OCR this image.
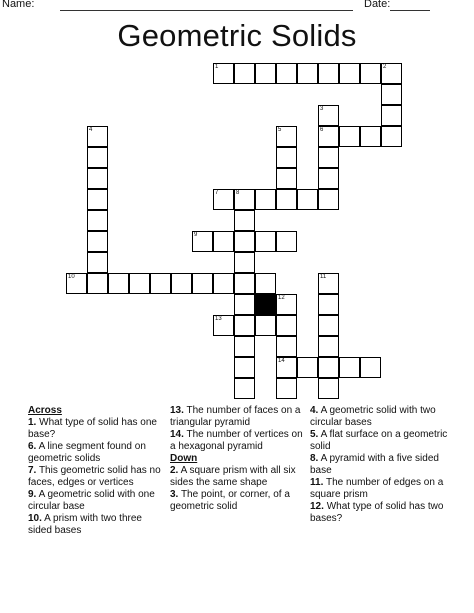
Name:	Date:
Geometric Solids
1	2
3
4	5	6
7	8
9
10	11
12
13
14
Across
1. What type of solid has one base?
6. A line segment found on geometric solids
7. This geometric solid has no faces, edges or vertices
9. A geometric solid with one circular base
10. A prism with two three sided bases
13. The number of faces on a triangular pyramid
14. The number of vertices on a hexagonal pyramid
Down
2. A square prism with all six sides the same shape
3. The point, or corner, of a geometric solid
4. A geometric solid with two circular bases
5. A flat surface on a geometric solid
8. A pyramid with a five sided base
11. The number of edges on a square prism
12. What type of solid has two bases?
